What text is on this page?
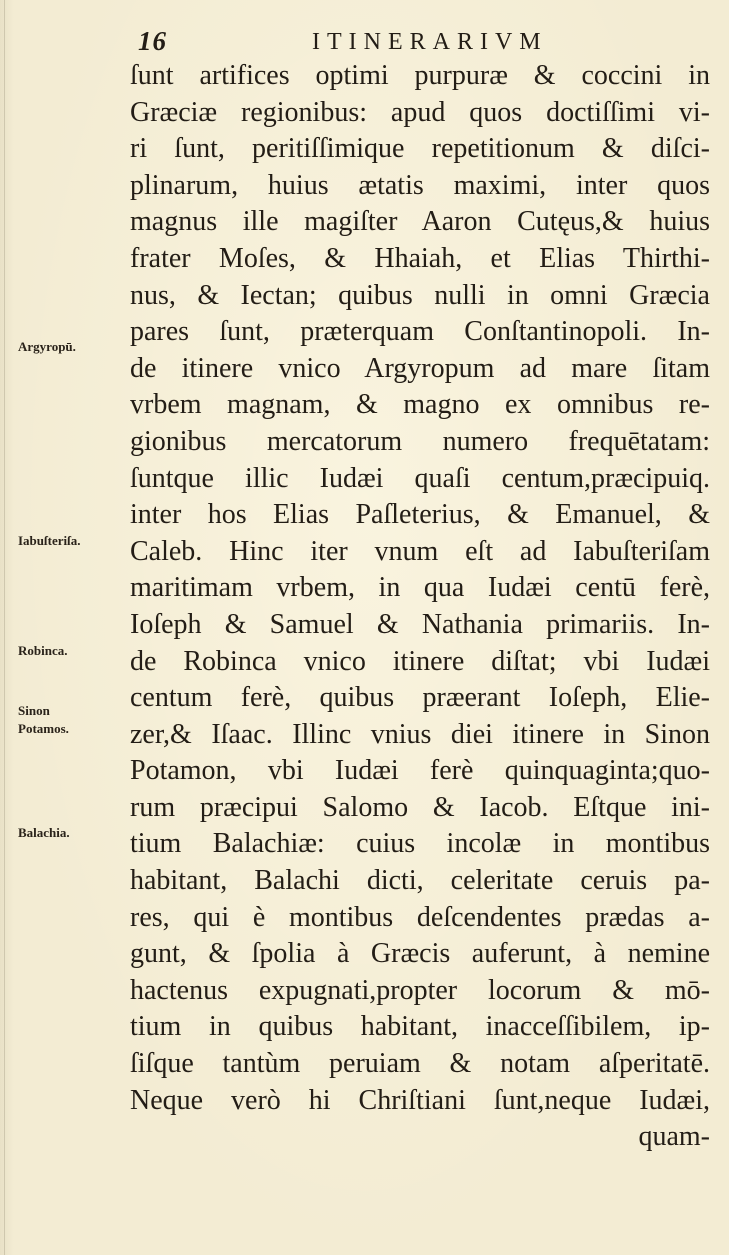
16	ITINERARIVM
Argyropū.
Iabuſteriſa.
Robinca.
Sinon
Potamos.
Balachia.
ſunt artifices optimi purpuræ & coccini in
Græciæ regionibus: apud quos doctiſſimi vi-
ri ſunt, peritiſſimique repetitionum & diſci-
plinarum, huius ætatis maximi, inter quos
magnus ille magiſter Aaron Cutęus,& huius
frater Moſes, & Hhaiah, et Elias Thirthi-
nus, & Iectan; quibus nulli in omni Græcia
pares ſunt, præterquam Conſtantinopoli. In-
de itinere vnico Argyropum ad mare ſitam
vrbem magnam, & magno ex omnibus re-
gionibus mercatorum numero frequētatam:
ſuntque illic Iudæi quaſi centum,præcipuiq.
inter hos Elias Paſleterius, & Emanuel, &
Caleb. Hinc iter vnum eſt ad Iabuſteriſam
maritimam vrbem, in qua Iudæi centū ferè,
Ioſeph & Samuel & Nathania primariis. In-
de Robinca vnico itinere diſtat; vbi Iudæi
centum ferè, quibus præerant Ioſeph, Elie-
zer,& Iſaac. Illinc vnius diei itinere in Sinon
Potamon, vbi Iudæi ferè quinquaginta;quo-
rum præcipui Salomo & Iacob. Eſtque ini-
tium Balachiæ: cuius incolæ in montibus
habitant, Balachi dicti, celeritate ceruis pa-
res, qui è montibus deſcendentes prædas a-
gunt, & ſpolia à Græcis auferunt, à nemine
hactenus expugnati,propter locorum & mō-
tium in quibus habitant, inacceſſibilem, ip-
ſiſque tantùm peruiam & notam aſperitatē.
Neque verò hi Chriſtiani ſunt,neque Iudæi,
quam-
